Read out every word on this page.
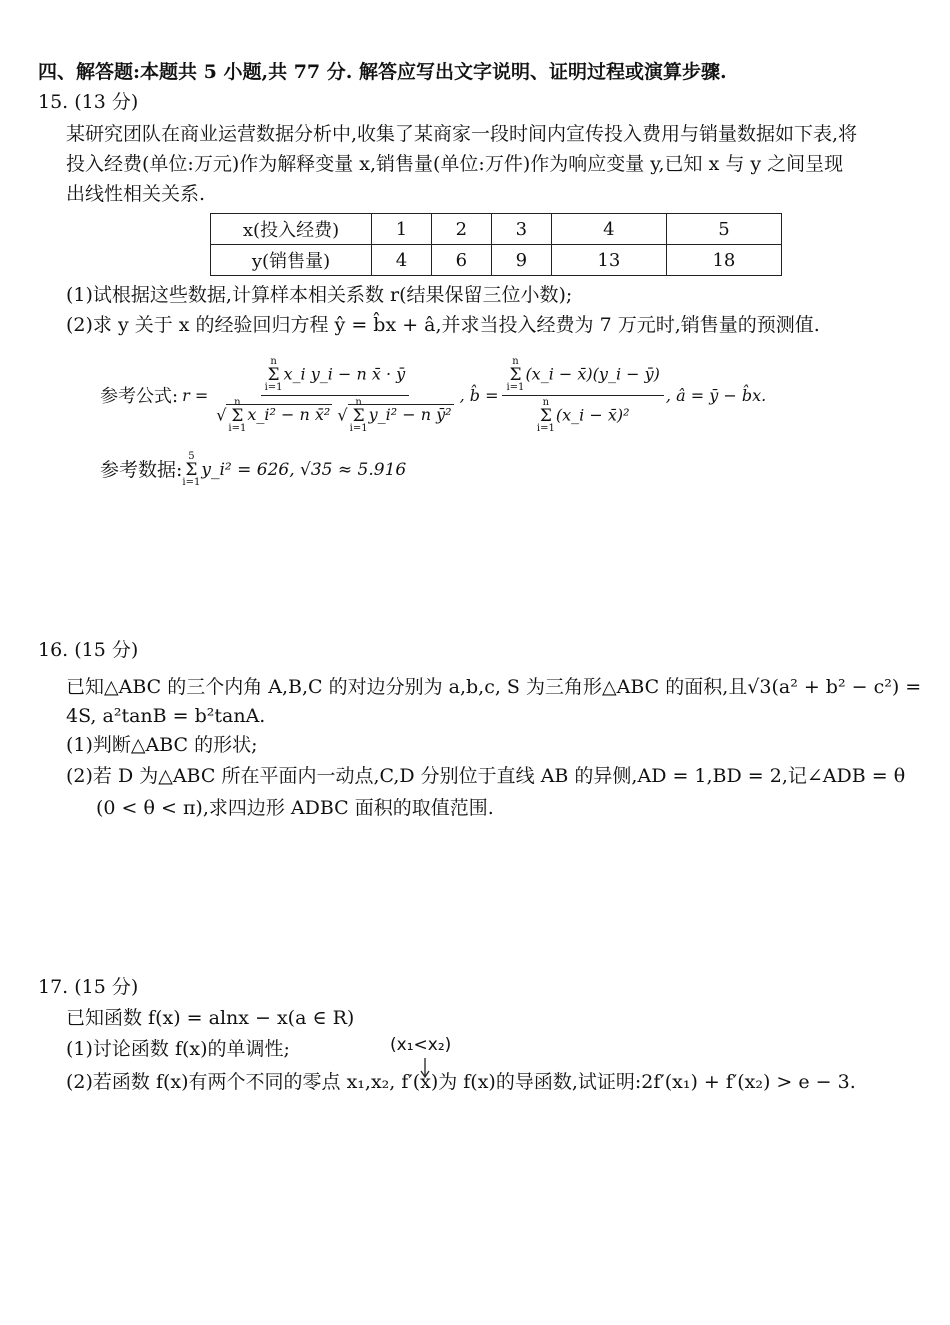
四、解答题:本题共 5 小题,共 77 分. 解答应写出文字说明、证明过程或演算步骤.
15. (13 分)
某研究团队在商业运营数据分析中,收集了某商家一段时间内宣传投入费用与销量数据如下表,将
投入经费(单位:万元)作为解释变量 x,销售量(单位:万件)作为响应变量 y,已知 x 与 y 之间呈现
出线性相关关系.
x(投入经费)	1	2	3	4	5
y(销售量)	4	6	9	13	18
(1)试根据这些数据,计算样本相关系数 r(结果保留三位小数);
(2)求 y 关于 x 的经验回归方程 ŷ = b̂x + â,并求当投入经费为 7 万元时,销售量的预测值.
参考公式: r = n
Σ
i=1
x_i y_i − n x̄ · ȳ
√
n
Σ
i=1
x_i² − n x̄² √
n
Σ
i=1
y_i² − n ȳ² , b̂ = n
Σ
i=1
(x_i − x̄)(y_i − ȳ)
n
Σ
i=1
(x_i − x̄)² , â = ȳ − b̂x.
参考数据:
5
Σ
i=1
y_i² = 626, √35 ≈ 5.916
16. (15 分)
已知△ABC 的三个内角 A,B,C 的对边分别为 a,b,c, S 为三角形△ABC 的面积,且√3(a² + b² − c²) =
4S, a²tanB = b²tanA.
(1)判断△ABC 的形状;
(2)若 D 为△ABC 所在平面内一动点,C,D 分别位于直线 AB 的异侧,AD = 1,BD = 2,记∠ADB = θ
(0 < θ < π),求四边形 ADBC 面积的取值范围.
17. (15 分)
已知函数 f(x) = alnx − x(a ∈ R)
(1)讨论函数 f(x)的单调性;	(x₁<x₂)
(2)若函数 f(x)有两个不同的零点 x₁,x₂, f′(x)为 f(x)的导函数,试证明:2f′(x₁) + f′(x₂) > e − 3.
